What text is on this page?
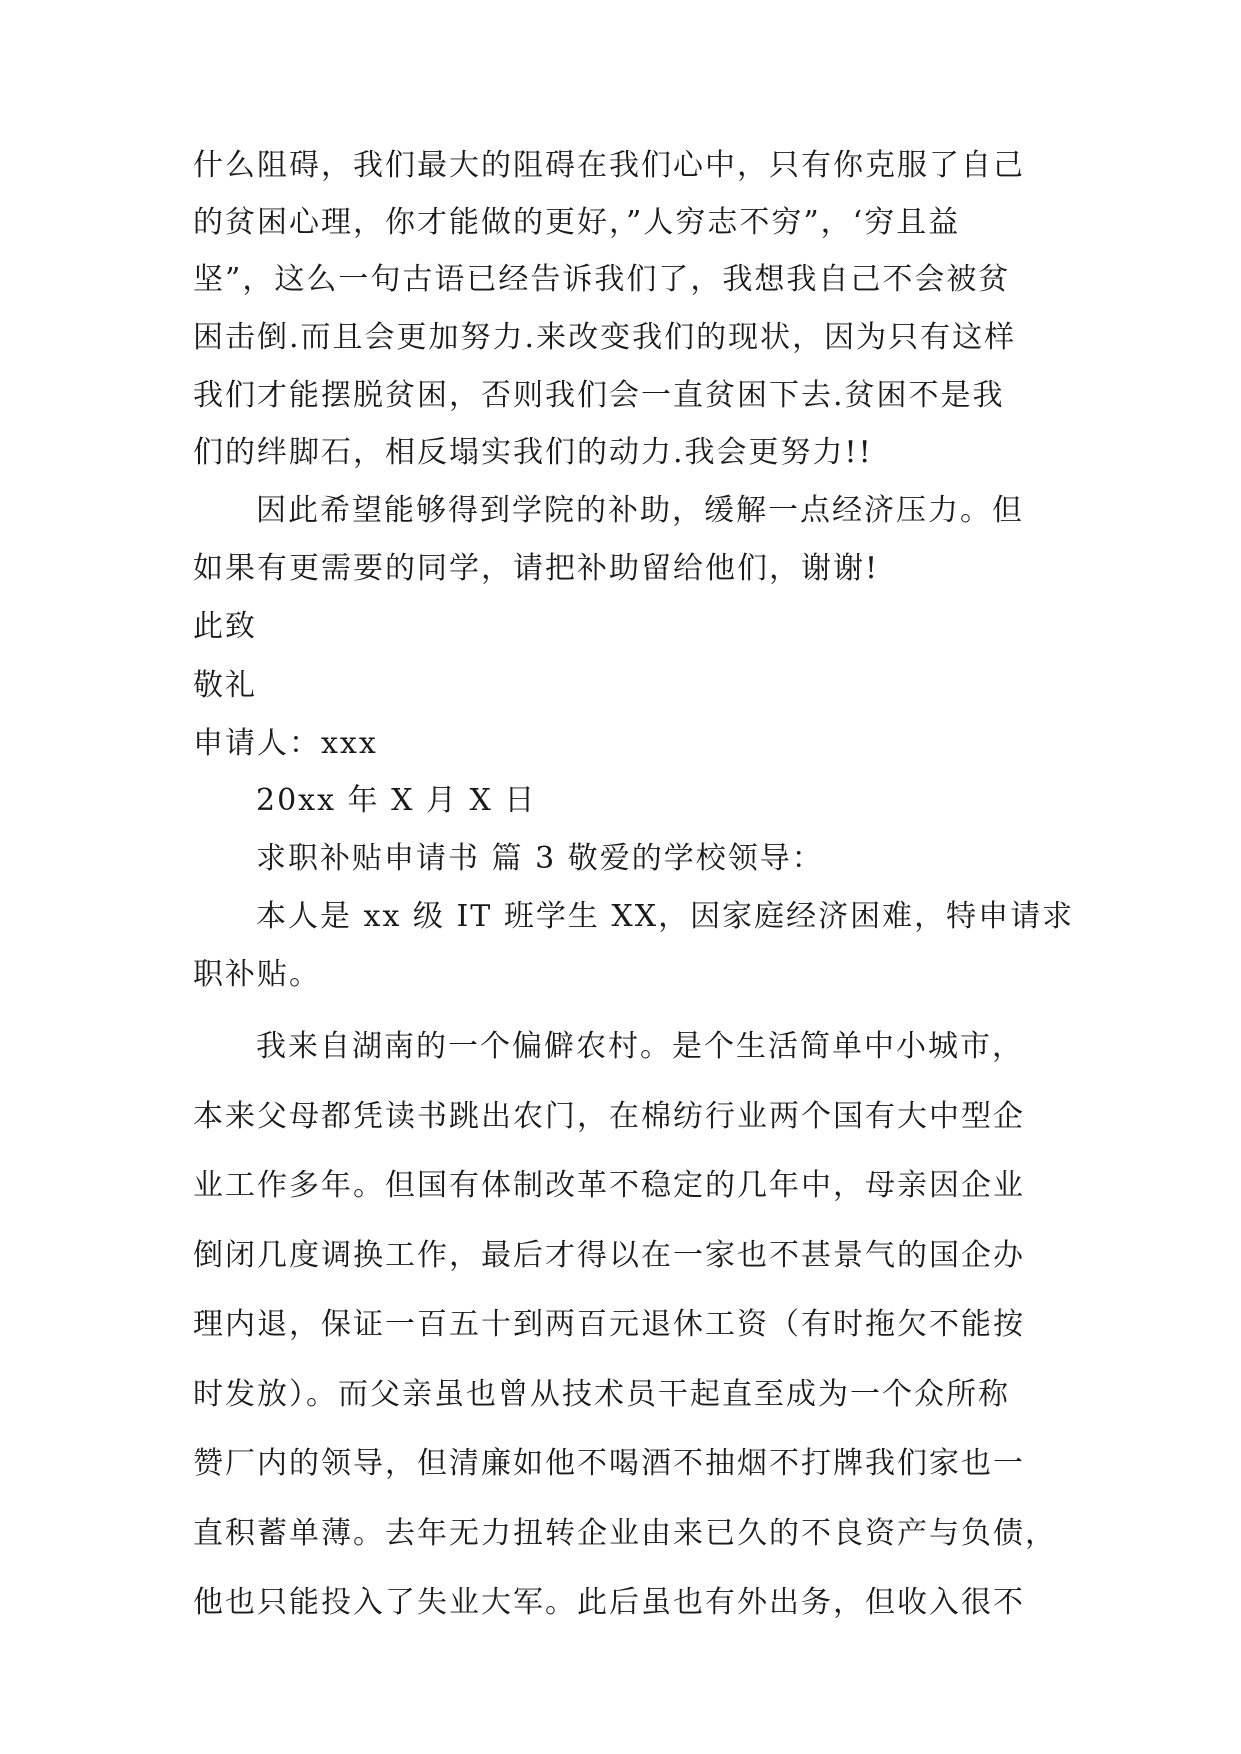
什么阻碍，我们最大的阻碍在我们心中，只有你克服了自己
的贫困心理，你才能做的更好，”人穷志不穷”，‘穷且益
坚”，这么一句古语已经告诉我们了，我想我自己不会被贫
困击倒.而且会更加努力.来改变我们的现状，因为只有这样
我们才能摆脱贫困，否则我们会一直贫困下去.贫困不是我
们的绊脚石，相反塌实我们的动力.我会更努力!!
因此希望能够得到学院的补助，缓解一点经济压力。但
如果有更需要的同学，请把补助留给他们，谢谢!
此致
敬礼
申请人：xxx
20xx 年 X 月 X 日
求职补贴申请书 篇 3 敬爱的学校领导：
本人是 xx 级 IT 班学生 XX，因家庭经济困难，特申请求
职补贴。
我来自湖南的一个偏僻农村。是个生活简单中小城市，
本来父母都凭读书跳出农门，在棉纺行业两个国有大中型企
业工作多年。但国有体制改革不稳定的几年中，母亲因企业
倒闭几度调换工作，最后才得以在一家也不甚景气的国企办
理内退，保证一百五十到两百元退休工资（有时拖欠不能按
时发放）。而父亲虽也曾从技术员干起直至成为一个众所称
赞厂内的领导，但清廉如他不喝酒不抽烟不打牌我们家也一
直积蓄单薄。去年无力扭转企业由来已久的不良资产与负债，
他也只能投入了失业大军。此后虽也有外出务，但收入很不
